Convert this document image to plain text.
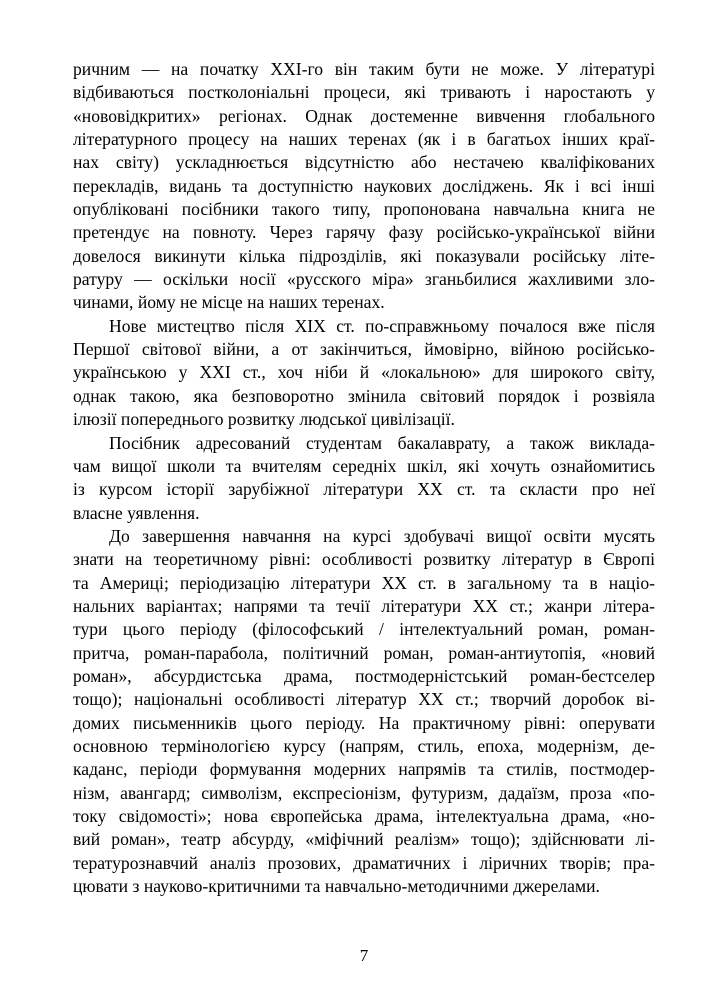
ричним — на початку XXI-го він таким бути не може. У літературі
відбиваються постколоніальні процеси, які тривають і наростають у
«нововідкритих» регіонах. Однак достеменне вивчення глобального
літературного процесу на наших теренах (як і в багатьох інших краї-
нах світу) ускладнюється відсутністю або нестачею кваліфікованих
перекладів, видань та доступністю наукових досліджень. Як і всі інші
опубліковані посібники такого типу, пропонована навчальна книга не
претендує на повноту. Через гарячу фазу російсько-української війни
довелося викинути кілька підрозділів, які показували російську літе-
ратуру — оскільки носії «русского міра» зганьбилися жахливими зло-
чинами, йому не місце на наших теренах.
Нове мистецтво після XIX ст. по-справжньому почалося вже після
Першої світової війни, а от закінчиться, ймовірно, війною російсько-
українською у XXI ст., хоч ніби й «локальною» для широкого світу,
однак такою, яка безповоротно змінила світовий порядок і розвіяла
ілюзії попереднього розвитку людської цивілізації.
Посібник адресований студентам бакалаврату, а також виклада-
чам вищої школи та вчителям середніх шкіл, які хочуть ознайомитись
із курсом історії зарубіжної літератури XX ст. та скласти про неї
власне уявлення.
До завершення навчання на курсі здобувачі вищої освіти мусять
знати на теоретичному рівні: особливості розвитку літератур в Європі
та Америці; періодизацію літератури XX ст. в загальному та в націо-
нальних варіантах; напрями та течії літератури XX ст.; жанри літера-
тури цього періоду (філософський / інтелектуальний роман, роман-
притча, роман-парабола, політичний роман, роман-антиутопія, «новий
роман», абсурдистська драма, постмодерністський роман-бестселер
тощо); національні особливості літератур XX ст.; творчий доробок ві-
домих письменників цього періоду. На практичному рівні: оперувати
основною термінологією курсу (напрям, стиль, епоха, модернізм, де-
каданс, періоди формування модерних напрямів та стилів, постмодер-
нізм, авангард; символізм, експресіонізм, футуризм, дадаїзм, проза «по-
току свідомості»; нова європейська драма, інтелектуальна драма, «но-
вий роман», театр абсурду, «міфічний реалізм» тощо); здійснювати лі-
тературознавчий аналіз прозових, драматичних і ліричних творів; пра-
цювати з науково-критичними та навчально-методичними джерелами.
7
